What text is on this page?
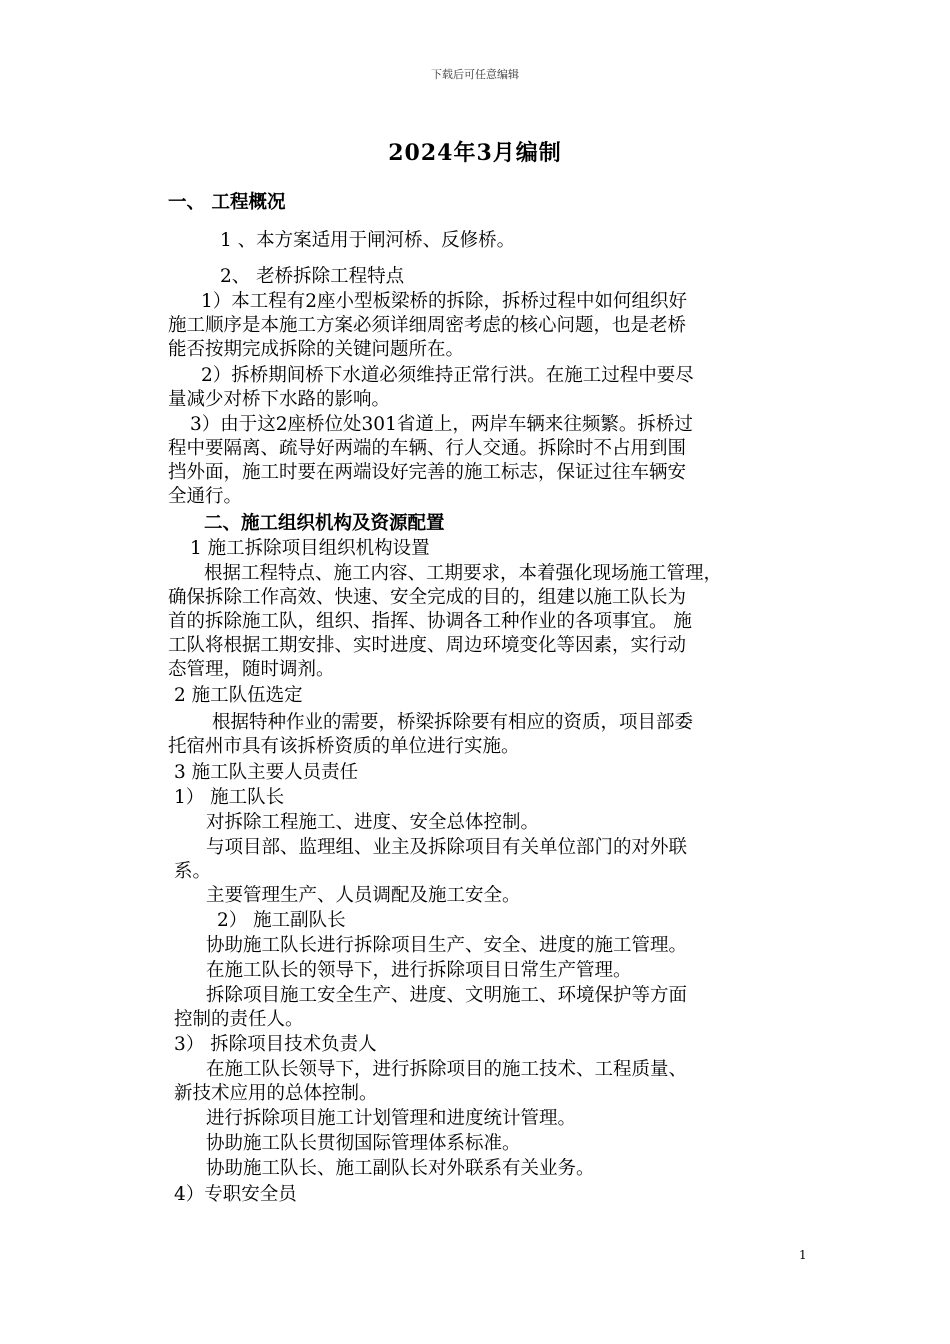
下载后可任意编辑
2024年3月编制
一、 工程概况
1 、本方案适用于闸河桥、反修桥。
2、 老桥拆除工程特点
1）本工程有2座小型板梁桥的拆除，拆桥过程中如何组织好
施工顺序是本施工方案必须详细周密考虑的核心问题，也是老桥
能否按期完成拆除的关键问题所在。
2）拆桥期间桥下水道必须维持正常行洪。在施工过程中要尽
量减少对桥下水路的影响。
3）由于这2座桥位处301省道上，两岸车辆来往频繁。拆桥过
程中要隔离、疏导好两端的车辆、行人交通。拆除时不占用到围
挡外面，施工时要在两端设好完善的施工标志，保证过往车辆安
全通行。
二、施工组织机构及资源配置
1 施工拆除项目组织机构设置
根据工程特点、施工内容、工期要求，本着强化现场施工管理，
确保拆除工作高效、快速、安全完成的目的，组建以施工队长为
首的拆除施工队，组织、指挥、协调各工种作业的各项事宜。 施
工队将根据工期安排、实时进度、周边环境变化等因素，实行动
态管理，随时调剂。
2 施工队伍选定
根据特种作业的需要，桥梁拆除要有相应的资质，项目部委
托宿州市具有该拆桥资质的单位进行实施。
3 施工队主要人员责任
1） 施工队长
对拆除工程施工、进度、安全总体控制。
与项目部、监理组、业主及拆除项目有关单位部门的对外联
系。
主要管理生产、人员调配及施工安全。
2） 施工副队长
协助施工队长进行拆除项目生产、安全、进度的施工管理。
在施工队长的领导下，进行拆除项目日常生产管理。
拆除项目施工安全生产、进度、文明施工、环境保护等方面
控制的责任人。
3） 拆除项目技术负责人
在施工队长领导下，进行拆除项目的施工技术、工程质量、
新技术应用的总体控制。
进行拆除项目施工计划管理和进度统计管理。
协助施工队长贯彻国际管理体系标准。
协助施工队长、施工副队长对外联系有关业务。
4）专职安全员
1
